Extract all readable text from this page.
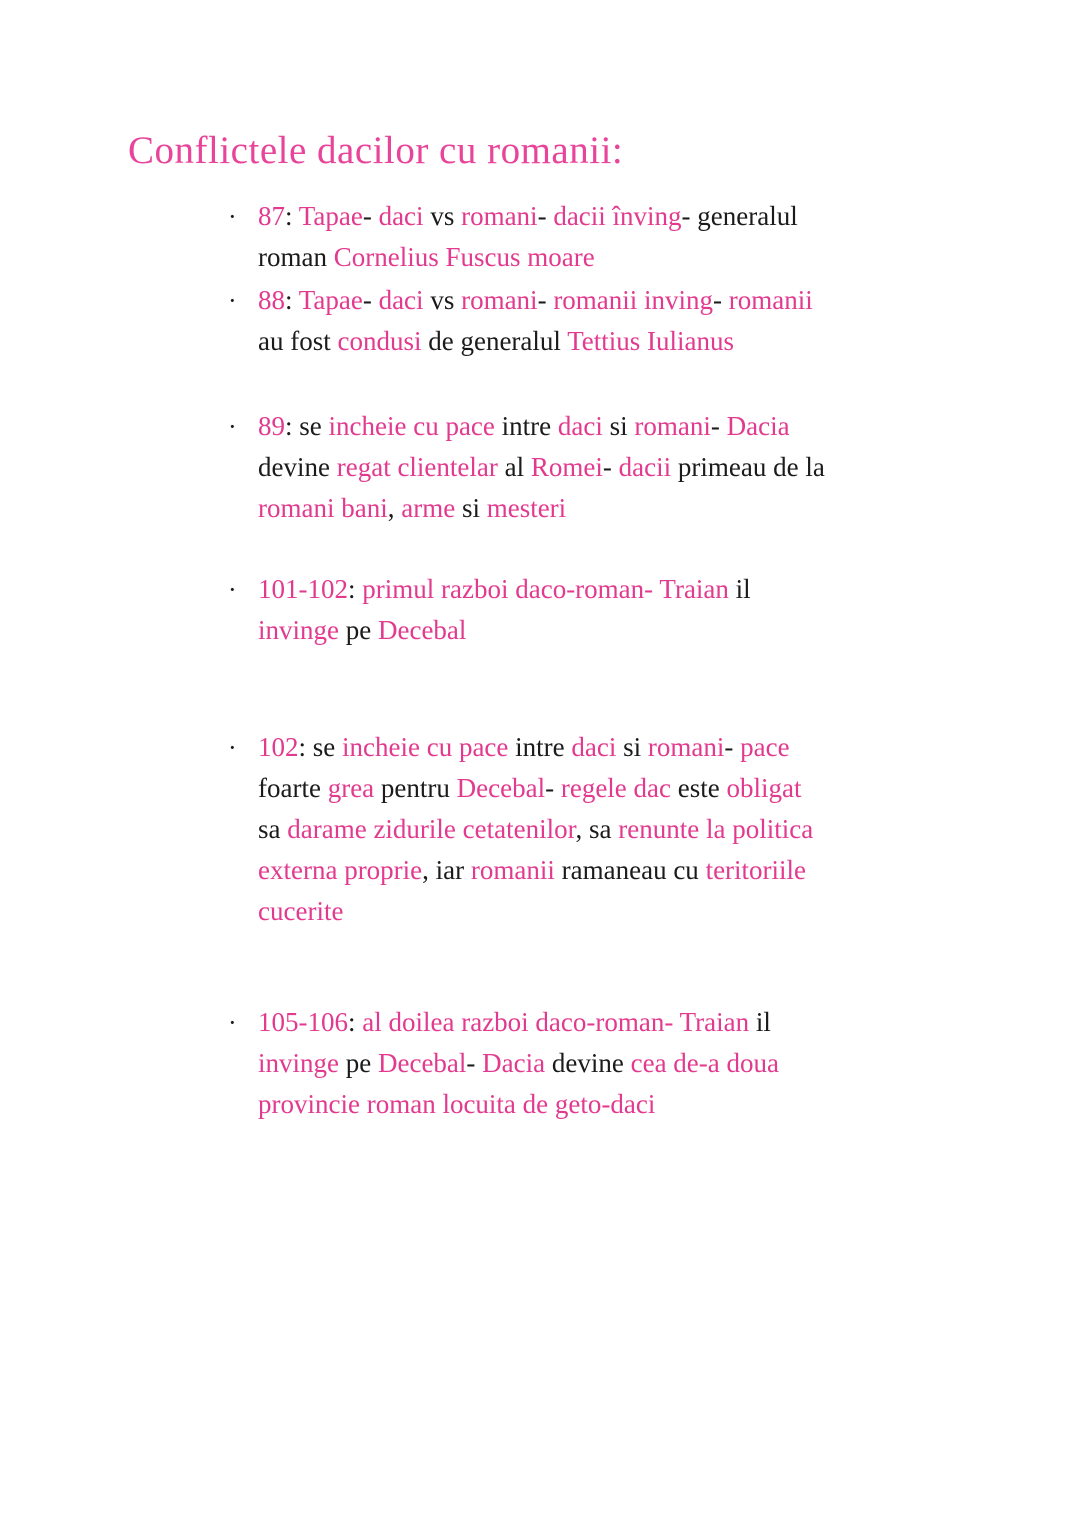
Conflictele dacilor cu romanii:
· 87: Tapae- daci vs romani- dacii înving- generalul
roman Cornelius Fuscus moare
· 88: Tapae- daci vs romani- romanii inving- romanii
au fost condusi de generalul Tettius Iulianus
· 89: se incheie cu pace intre daci si romani- Dacia
devine regat clientelar al Romei- dacii primeau de la
romani bani, arme si mesteri
· 101-102: primul razboi daco-roman- Traian il
invinge pe Decebal
· 102: se incheie cu pace intre daci si romani- pace
foarte grea pentru Decebal- regele dac este obligat
sa darame zidurile cetatenilor, sa renunte la politica
externa proprie, iar romanii ramaneau cu teritoriile
cucerite
· 105-106: al doilea razboi daco-roman- Traian il
invinge pe Decebal- Dacia devine cea de-a doua
provincie roman locuita de geto-daci
